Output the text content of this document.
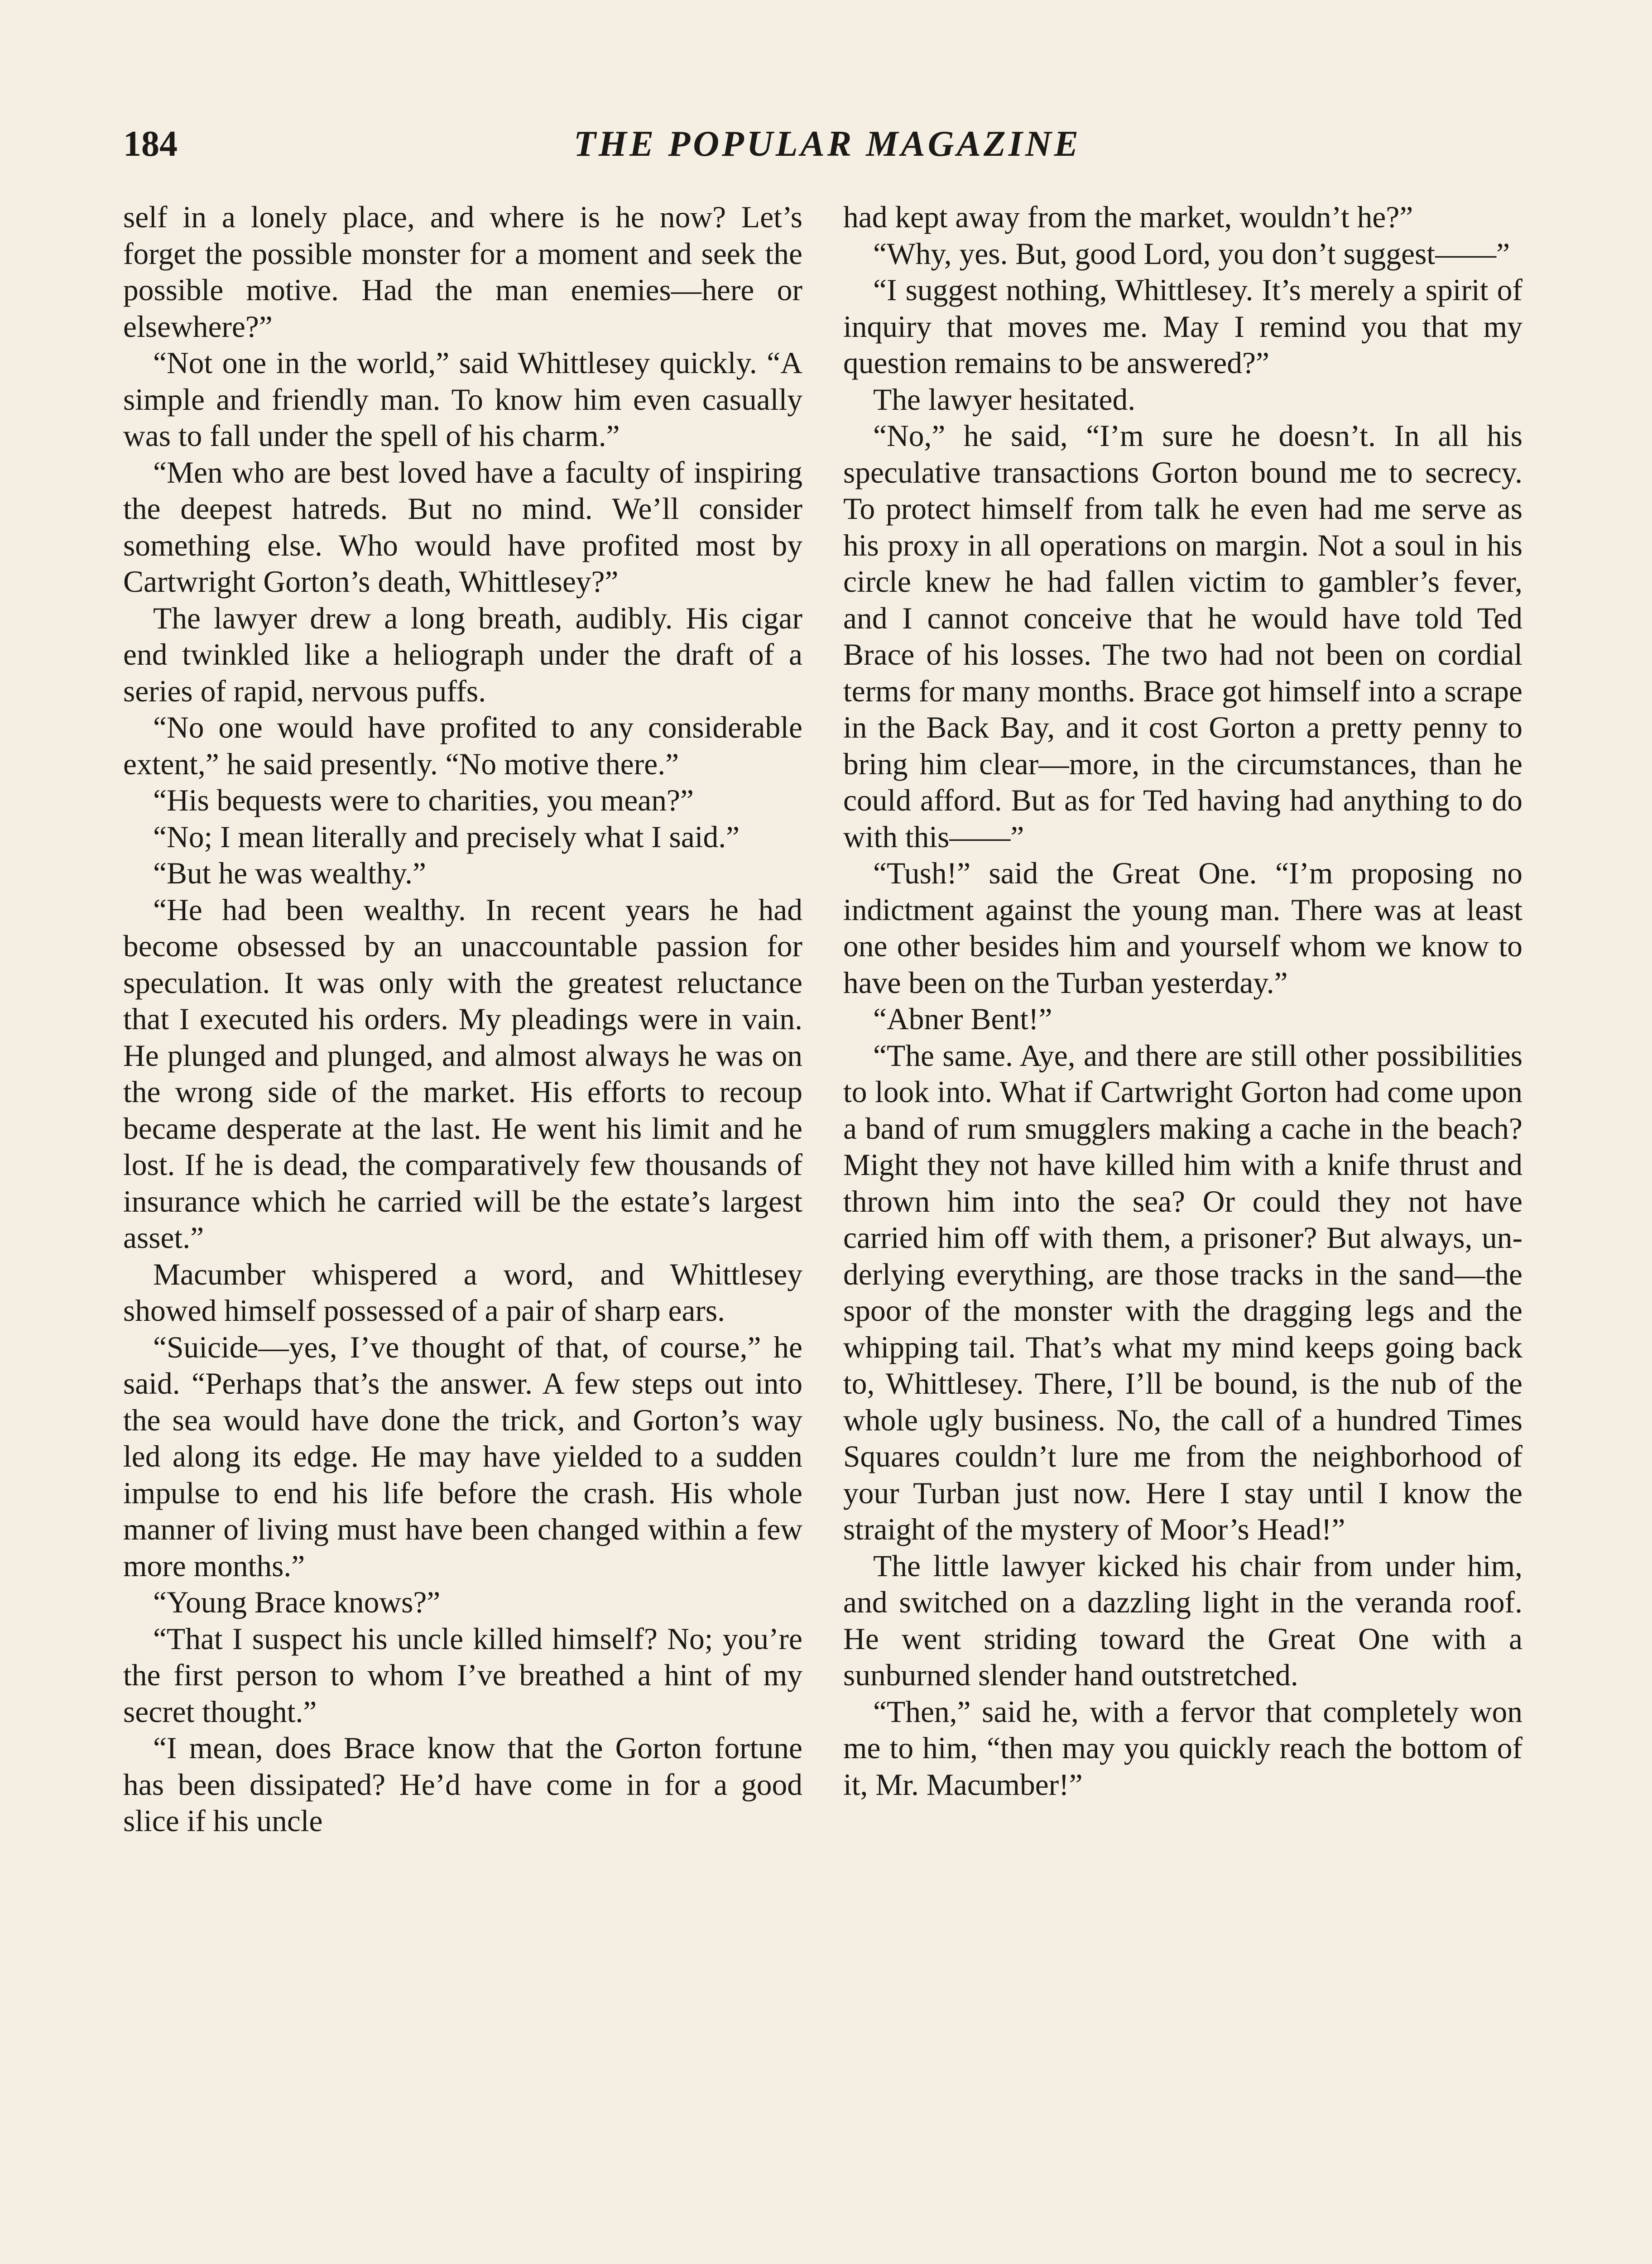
184	THE POPULAR MAGAZINE

self in a lonely place, and where is he now? Let’s forget the possible monster for a moment and seek the possible motive. Had the man enemies—here or elsewhere?”

“Not one in the world,” said Whittlesey quickly. “A simple and friendly man. To know him even casually was to fall under the spell of his charm.”

“Men who are best loved have a faculty of inspiring the deepest hatreds. But no mind. We’ll consider something else. Who would have profited most by Cartwright Gorton’s death, Whittlesey?”

The lawyer drew a long breath, audibly. His cigar end twinkled like a heliograph under the draft of a series of rapid, nervous puffs.

“No one would have profited to any considerable extent,” he said presently. “No motive there.”

“His bequests were to charities, you mean?”

“No; I mean literally and precisely what I said.”

“But he was wealthy.”

“He had been wealthy. In recent years he had become obsessed by an unaccountable passion for speculation. It was only with the greatest reluctance that I executed his orders. My pleadings were in vain. He plunged and plunged, and almost always he was on the wrong side of the market. His efforts to recoup became desperate at the last. He went his limit and he lost. If he is dead, the comparatively few thousands of insurance which he carried will be the estate’s largest asset.”

Macumber whispered a word, and Whittlesey showed himself possessed of a pair of sharp ears.

“Suicide—yes, I’ve thought of that, of course,” he said. “Perhaps that’s the answer. A few steps out into the sea would have done the trick, and Gorton’s way led along its edge. He may have yielded to a sudden impulse to end his life before the crash. His whole manner of living must have been changed within a few more months.”

“Young Brace knows?”

“That I suspect his uncle killed himself? No; you’re the first person to whom I’ve breathed a hint of my secret thought.”

“I mean, does Brace know that the Gorton fortune has been dissipated? He’d have come in for a good slice if his uncle

had kept away from the market, wouldn’t he?”

“Why, yes. But, good Lord, you don’t suggest——”

“I suggest nothing, Whittlesey. It’s merely a spirit of inquiry that moves me. May I remind you that my question remains to be answered?”

The lawyer hesitated.

“No,” he said, “I’m sure he doesn’t. In all his speculative transactions Gorton bound me to secrecy. To protect himself from talk he even had me serve as his proxy in all operations on margin. Not a soul in his circle knew he had fallen victim to gambler’s fever, and I cannot conceive that he would have told Ted Brace of his losses. The two had not been on cordial terms for many months. Brace got himself into a scrape in the Back Bay, and it cost Gorton a pretty penny to bring him clear—more, in the circumstances, than he could afford. But as for Ted having had anything to do with this——”

“Tush!” said the Great One. “I’m proposing no indictment against the young man. There was at least one other besides him and yourself whom we know to have been on the Turban yesterday.”

“Abner Bent!”

“The same. Aye, and there are still other possibilities to look into. What if Cartwright Gorton had come upon a band of rum smugglers making a cache in the beach? Might they not have killed him with a knife thrust and thrown him into the sea? Or could they not have carried him off with them, a prisoner? But always, underlying everything, are those tracks in the sand—the spoor of the monster with the dragging legs and the whipping tail. That’s what my mind keeps going back to, Whittlesey. There, I’ll be bound, is the nub of the whole ugly business. No, the call of a hundred Times Squares couldn’t lure me from the neighborhood of your Turban just now. Here I stay until I know the straight of the mystery of Moor’s Head!”

The little lawyer kicked his chair from under him, and switched on a dazzling light in the veranda roof. He went striding toward the Great One with a sunburned slender hand outstretched.

“Then,” said he, with a fervor that completely won me to him, “then may you quickly reach the bottom of it, Mr. Macumber!”
